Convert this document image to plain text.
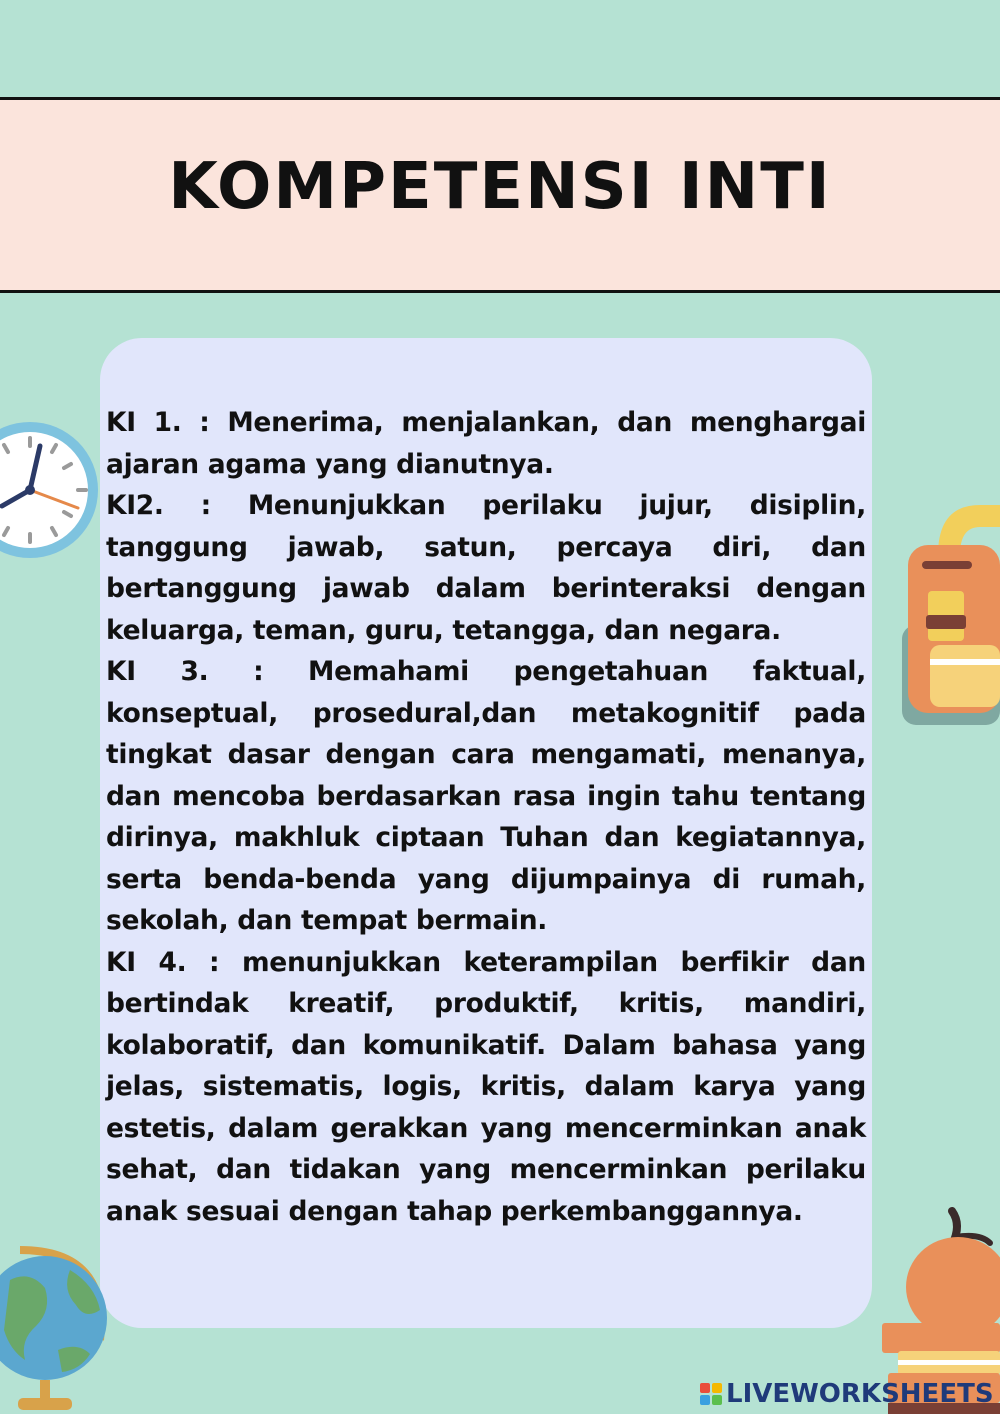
KOMPETENSI INTI

KI 1. : Menerima, menjalankan, dan menghargai ajaran agama yang dianutnya.

KI2. : Menunjukkan perilaku jujur, disiplin, tanggung jawab, satun, percaya diri, dan bertanggung jawab dalam berinteraksi dengan keluarga, teman, guru, tetangga, dan negara.

KI 3. : Memahami pengetahuan faktual, konseptual, prosedural,dan metakognitif pada tingkat dasar dengan cara mengamati, menanya, dan mencoba berdasarkan rasa ingin tahu tentang dirinya, makhluk ciptaan Tuhan dan kegiatannya, serta benda-benda yang dijumpainya di rumah, sekolah, dan tempat bermain.

KI 4. : menunjukkan keterampilan berfikir dan bertindak kreatif, produktif, kritis, mandiri, kolaboratif, dan komunikatif. Dalam bahasa yang jelas, sistematis, logis, kritis, dalam karya yang estetis, dalam gerakkan yang mencerminkan anak sehat, dan tidakan yang mencerminkan perilaku anak sesuai dengan tahap perkembanggannya.

LIVEWORKSHEETS
